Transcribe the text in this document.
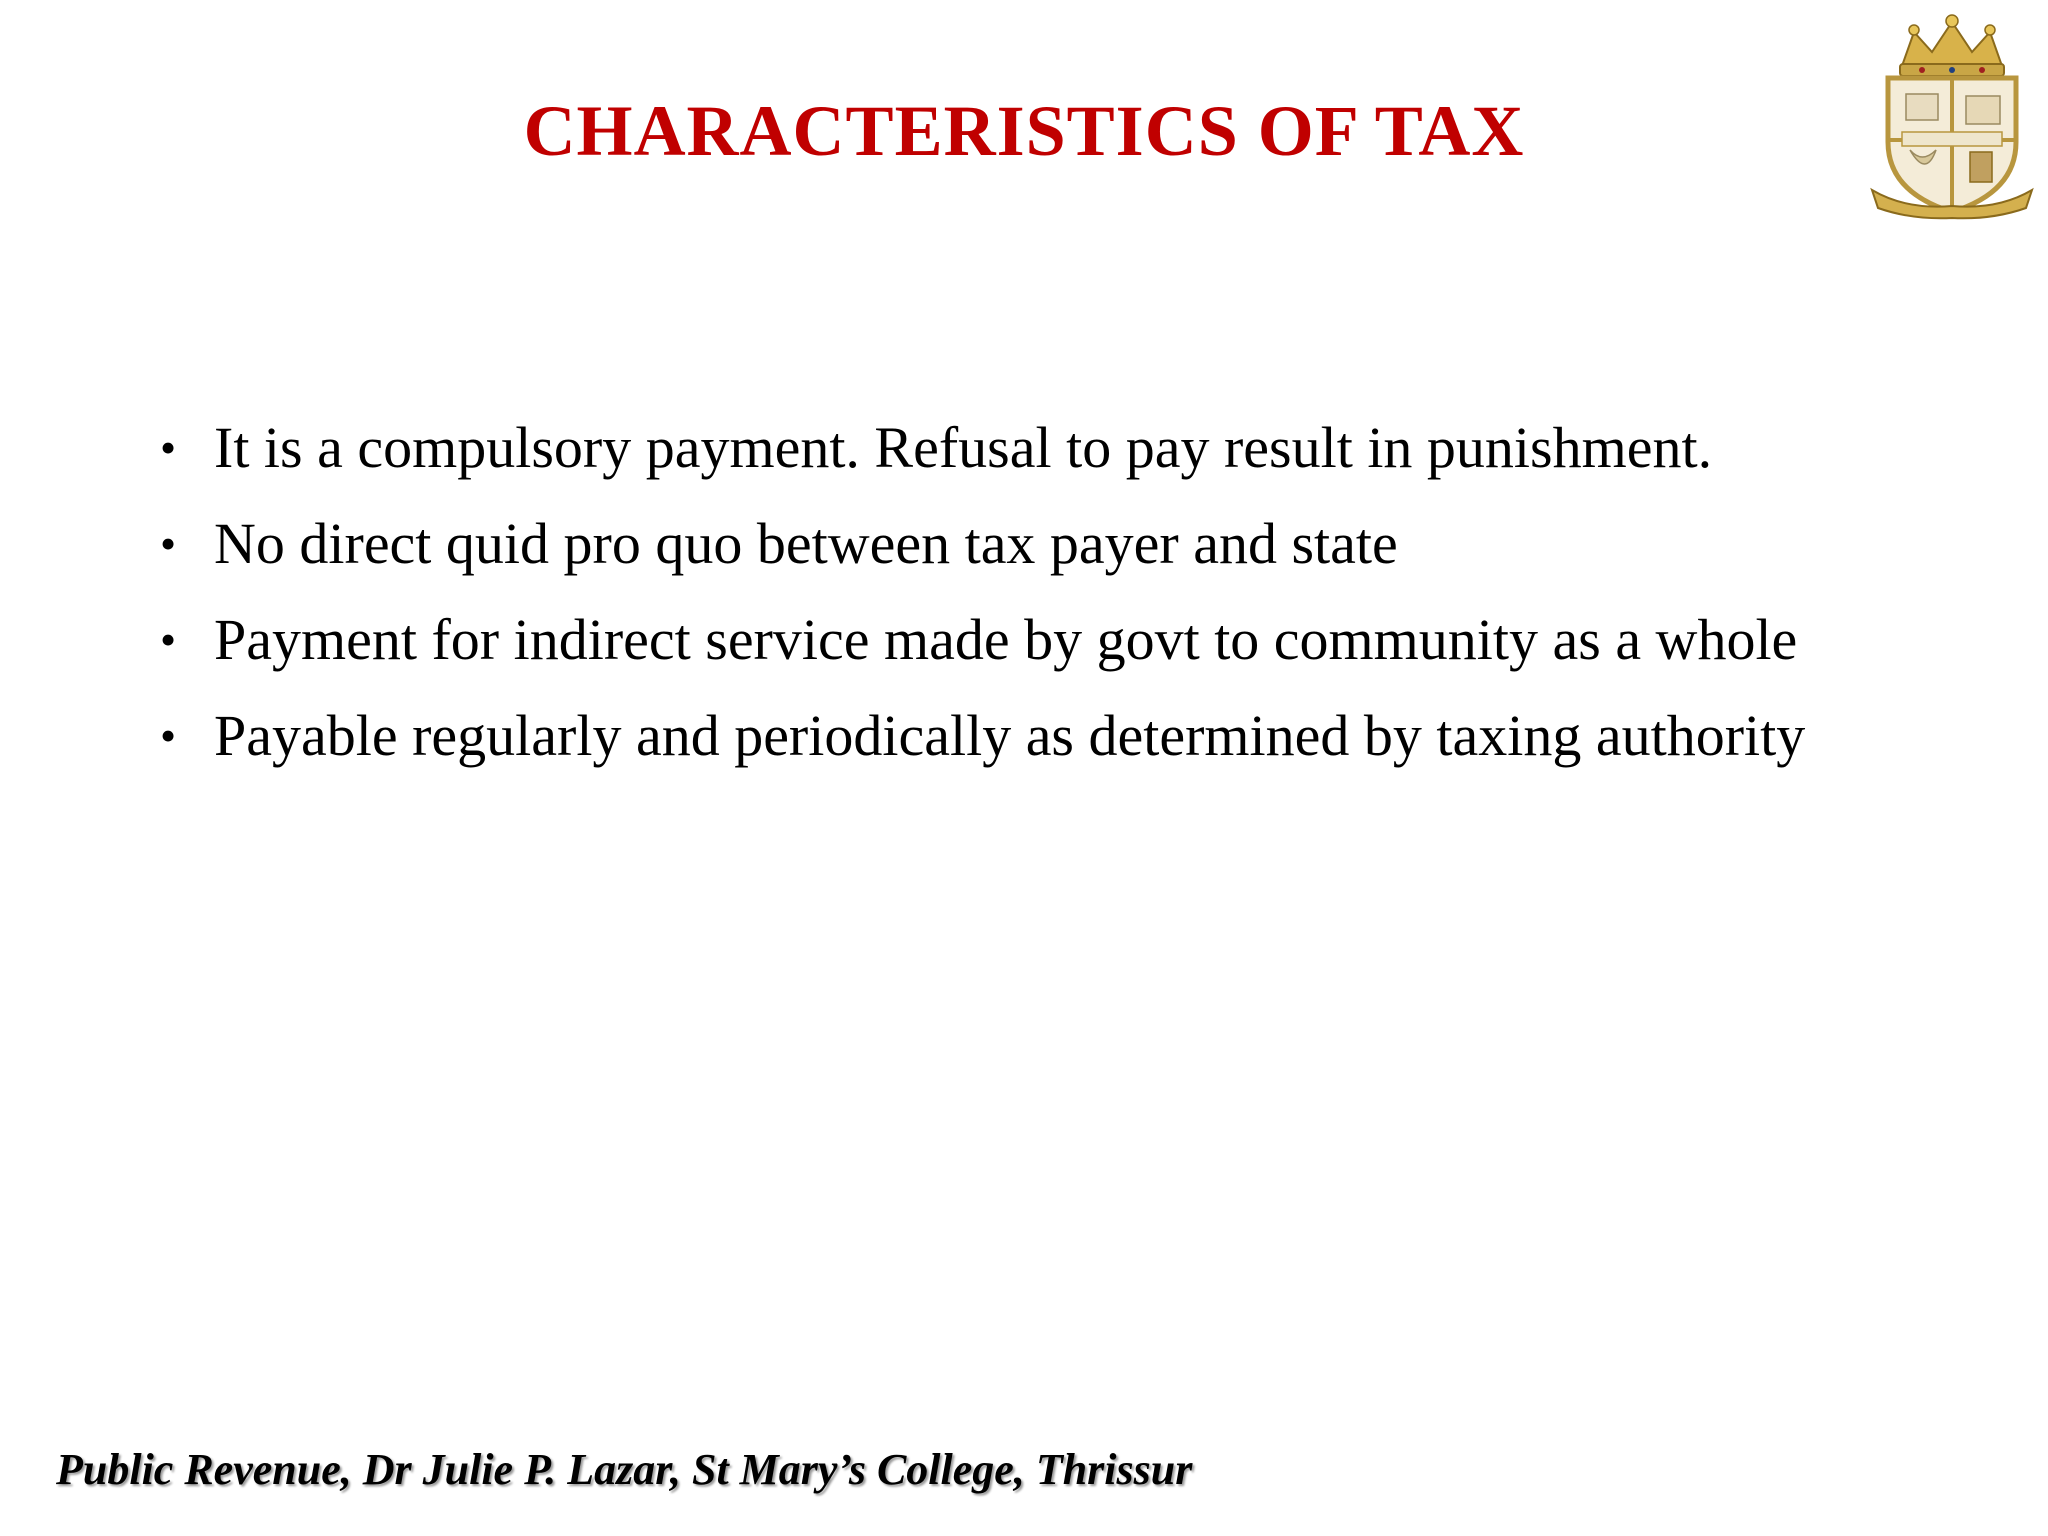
CHARACTERISTICS OF TAX
• It is a compulsory payment. Refusal to pay result in punishment.
• No direct quid pro quo between tax payer and state
• Payment for indirect service made by govt to community as a whole
• Payable regularly and periodically as determined by taxing authority
Public Revenue, Dr Julie P. Lazar, St Mary’s College, Thrissur
